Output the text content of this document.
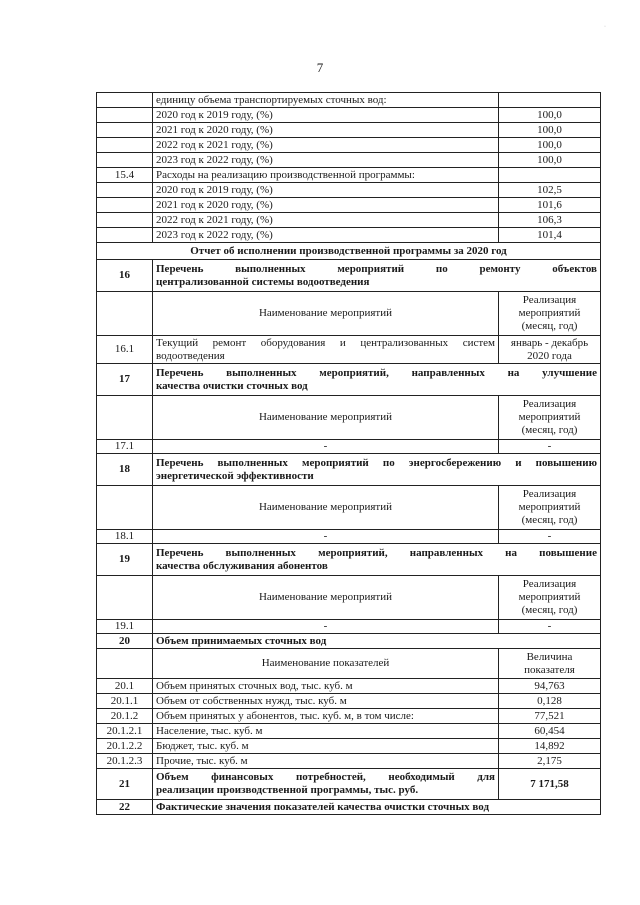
7
·
	единицу объема транспортируемых сточных вод:	
	2020 год к 2019 году, (%)	100,0
	2021 год к 2020 году, (%)	100,0
	2022 год к 2021 году, (%)	100,0
	2023 год к 2022 году, (%)	100,0
15.4	Расходы на реализацию производственной программы:	
	2020 год к 2019 году, (%)	102,5
	2021 год к 2020 году, (%)	101,6
	2022 год к 2021 году, (%)	106,3
	2023 год к 2022 году, (%)	101,4
Отчет об исполнении производственной программы за 2020 год		
16	Перечень выполненных мероприятий по ремонту объектов
централизованной системы водоотведения	

	Наименование мероприятий	Реализация
мероприятий
(месяц, год)

16.1	Текущий ремонт оборудования и централизованных систем
водоотведения	январь - декабрь
2020 года

17	Перечень выполненных мероприятий, направленных на улучшение
качества очистки сточных вод	

	Наименование мероприятий	Реализация
мероприятий
(месяц, год)

17.1	-	-

18	Перечень выполненных мероприятий по энергосбережению и повышению
энергетической эффективности	

	Наименование мероприятий	Реализация
мероприятий
(месяц, год)

18.1	-	-

19	Перечень выполненных мероприятий, направленных на повышение
качества обслуживания абонентов	

	Наименование мероприятий	Реализация
мероприятий
(месяц, год)

19.1	-	-

20	Объем принимаемых сточных вод	
	Наименование показателей	Величина
показателя

20.1	Объем принятых сточных вод, тыс. куб. м	94,763
20.1.1	Объем от собственных нужд, тыс. куб. м	0,128
20.1.2	Объем принятых у абонентов, тыс. куб. м, в том числе:	77,521
20.1.2.1	Население, тыс. куб. м	60,454
20.1.2.2	Бюджет, тыс. куб. м	14,892
20.1.2.3	Прочие, тыс. куб. м	2,175
21	Объем финансовых потребностей, необходимый для
реализации производственной программы, тыс. руб.	7 171,58
22	Фактические значения показателей качества очистки сточных вод	
